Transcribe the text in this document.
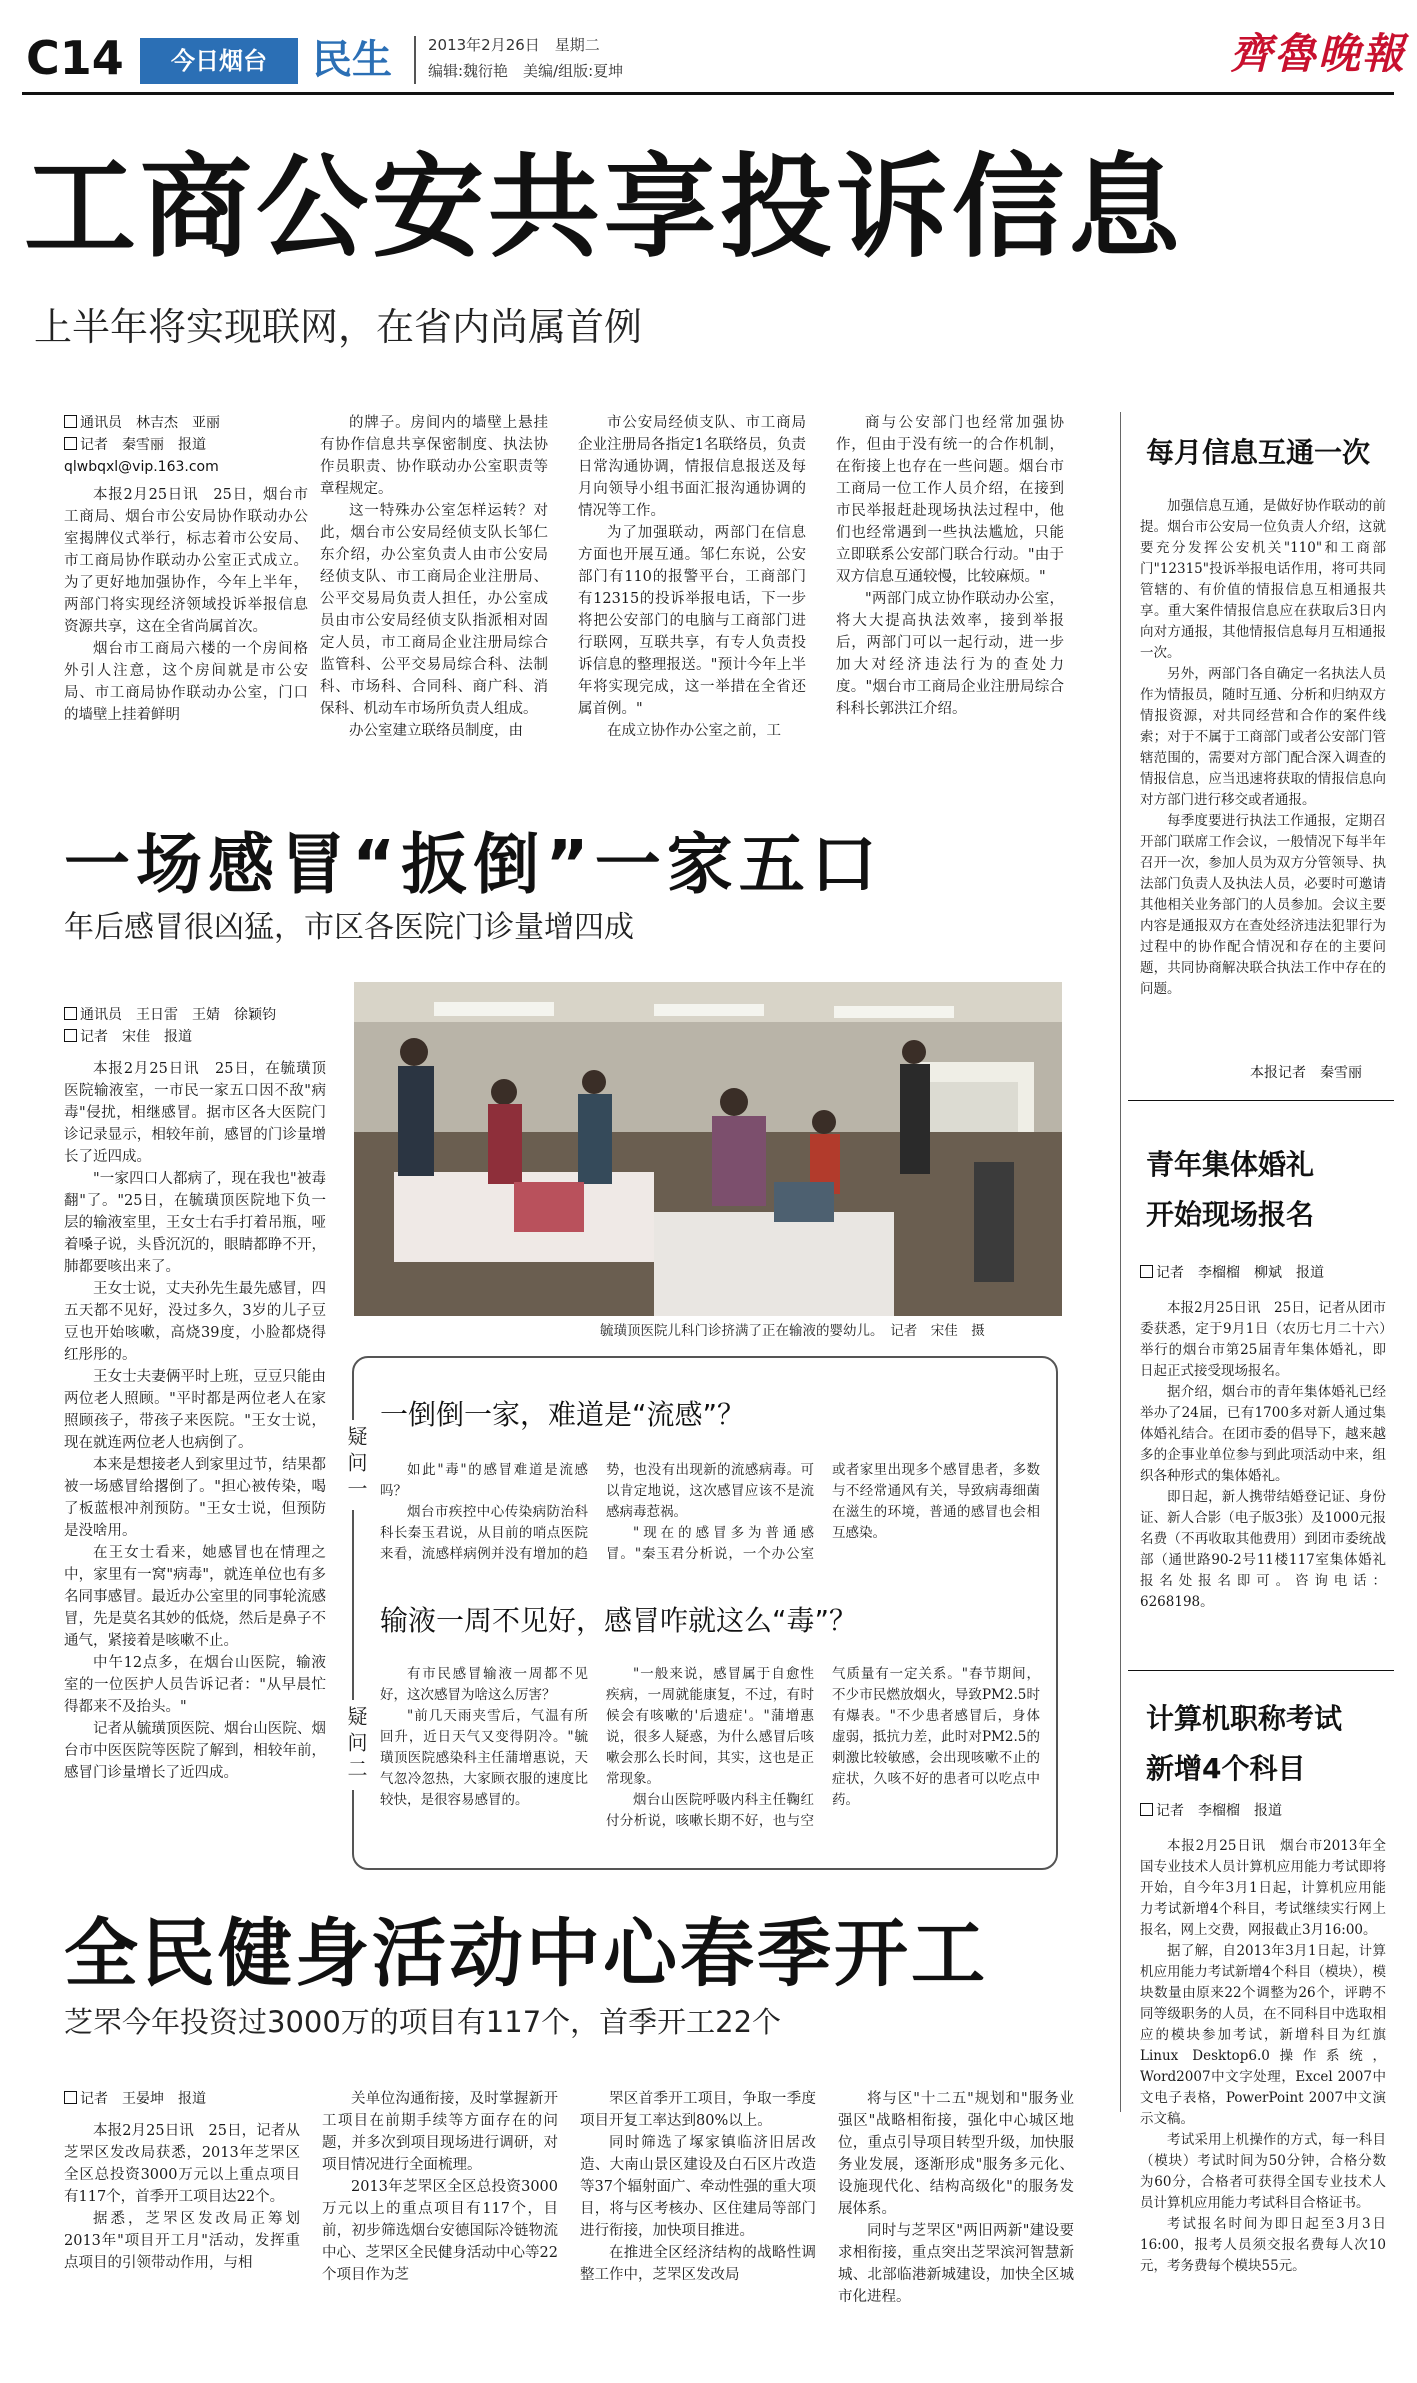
C14	今日烟台	民生 2013年2月26日　星期二
编辑:魏衍艳　美编/组版:夏坤	齊魯晚報
工商公安共享投诉信息
上半年将实现联网，在省内尚属首例
通讯员　林吉杰　亚丽
记者　秦雪丽　报道
qlwbqxl@vip.163.com

本报2月25日讯　25日，烟台市工商局、烟台市公安局协作联动办公室揭牌仪式举行，标志着市公安局、市工商局协作联动办公室正式成立。为了更好地加强协作，今年上半年，两部门将实现经济领域投诉举报信息资源共享，这在全省尚属首次。

烟台市工商局六楼的一个房间格外引人注意，这个房间就是市公安局、市工商局协作联动办公室，门口的墙壁上挂着鲜明

的牌子。房间内的墙壁上悬挂有协作信息共享保密制度、执法协作员职责、协作联动办公室职责等章程规定。

这一特殊办公室怎样运转？对此，烟台市公安局经侦支队长邹仁东介绍，办公室负责人由市公安局经侦支队、市工商局企业注册局、公平交易局负责人担任，办公室成员由市公安局经侦支队指派相对固定人员，市工商局企业注册局综合监管科、公平交易局综合科、法制科、市场科、合同科、商广科、消保科、机动车市场所负责人组成。

办公室建立联络员制度，由

市公安局经侦支队、市工商局企业注册局各指定1名联络员，负责日常沟通协调，情报信息报送及每月向领导小组书面汇报沟通协调的情况等工作。

为了加强联动，两部门在信息方面也开展互通。邹仁东说，公安部门有110的报警平台，工商部门有12315的投诉举报电话，下一步将把公安部门的电脑与工商部门进行联网，互联共享，有专人负责投诉信息的整理报送。"预计今年上半年将实现完成，这一举措在全省还属首例。"

在成立协作办公室之前，工

商与公安部门也经常加强协作，但由于没有统一的合作机制，在衔接上也存在一些问题。烟台市工商局一位工作人员介绍，在接到市民举报赶赴现场执法过程中，他们也经常遇到一些执法尴尬，只能立即联系公安部门联合行动。"由于双方信息互通较慢，比较麻烦。"

"两部门成立协作联动办公室，将大大提高执法效率，接到举报后，两部门可以一起行动，进一步加大对经济违法行为的查处力度。"烟台市工商局企业注册局综合科科长郭洪江介绍。

每月信息互通一次

加强信息互通，是做好协作联动的前提。烟台市公安局一位负责人介绍，这就要充分发挥公安机关"110"和工商部门"12315"投诉举报电话作用，将可共同管辖的、有价值的情报信息互相通报共享。重大案件情报信息应在获取后3日内向对方通报，其他情报信息每月互相通报一次。

另外，两部门各自确定一名执法人员作为情报员，随时互通、分析和归纳双方情报资源，对共同经营和合作的案件线索；对于不属于工商部门或者公安部门管辖范围的，需要对方部门配合深入调查的情报信息，应当迅速将获取的情报信息向对方部门进行移交或者通报。

每季度要进行执法工作通报，定期召开部门联席工作会议，一般情况下每半年召开一次，参加人员为双方分管领导、执法部门负责人及执法人员，必要时可邀请其他相关业务部门的人员参加。会议主要内容是通报双方在查处经济违法犯罪行为过程中的协作配合情况和存在的主要问题，共同协商解决联合执法工作中存在的问题。

本报记者　秦雪丽
一场感冒“扳倒”一家五口
年后感冒很凶猛，市区各医院门诊量增四成
通讯员　王日雷　王婧　徐颖钧
记者　宋佳　报道

本报2月25日讯　25日，在毓璜顶医院输液室，一市民一家五口因不敌"病毒"侵扰，相继感冒。据市区各大医院门诊记录显示，相较年前，感冒的门诊量增长了近四成。

"一家四口人都病了，现在我也"被毒翻"了。"25日，在毓璜顶医院地下负一层的输液室里，王女士右手打着吊瓶，哑着嗓子说，头昏沉沉的，眼睛都睁不开，肺都要咳出来了。

王女士说，丈夫孙先生最先感冒，四五天都不见好，没过多久，3岁的儿子豆豆也开始咳嗽，高烧39度，小脸都烧得红彤彤的。

王女士夫妻俩平时上班，豆豆只能由两位老人照顾。"平时都是两位老人在家照顾孩子，带孩子来医院。"王女士说，现在就连两位老人也病倒了。

本来是想接老人到家里过节，结果都被一场感冒给撂倒了。"担心被传染，喝了板蓝根冲剂预防。"王女士说，但预防是没啥用。

在王女士看来，她感冒也在情理之中，家里有一窝"病毒"，就连单位也有多名同事感冒。最近办公室里的同事轮流感冒，先是莫名其妙的低烧，然后是鼻子不通气，紧接着是咳嗽不止。

中午12点多，在烟台山医院，输液室的一位医护人员告诉记者："从早晨忙得都来不及抬头。"

记者从毓璜顶医院、烟台山医院、烟台市中医医院等医院了解到，相较年前，感冒门诊量增长了近四成。

毓璜顶医院儿科门诊挤满了正在输液的婴幼儿。　记者　宋佳　摄
疑问一
一倒倒一家，难道是“流感”？

如此"毒"的感冒难道是流感吗？

烟台市疾控中心传染病防治科科长秦玉君说，从目前的哨点医院来看，流感样病例并没有增加的趋势，也没有出现新的流感病毒。可以肯定地说，这次感冒应该不是流感病毒惹祸。

"现在的感冒多为普通感冒。"秦玉君分析说，一个办公室或者家里出现多个感冒患者，多数与不经常通风有关，导致病毒细菌在滋生的环境，普通的感冒也会相互感染。

输液一周不见好，感冒咋就这么“毒”？
疑问二

有市民感冒输液一周都不见好，这次感冒为啥这么厉害？

"前几天雨夹雪后，气温有所回升，近日天气又变得阴冷。"毓璜顶医院感染科主任蒲增惠说，天气忽冷忽热，大家顾衣服的速度比较快，是很容易感冒的。

"一般来说，感冒属于自愈性疾病，一周就能康复，不过，有时候会有咳嗽的'后遗症'。"蒲增惠说，很多人疑惑，为什么感冒后咳嗽会那么长时间，其实，这也是正常现象。

烟台山医院呼吸内科主任鞠红付分析说，咳嗽长期不好，也与空气质量有一定关系。"春节期间，不少市民燃放烟火，导致PM2.5时有爆表。"不少患者感冒后，身体虚弱，抵抗力差，此时对PM2.5的刺激比较敏感，会出现咳嗽不止的症状，久咳不好的患者可以吃点中药。

青年集体婚礼
开始现场报名
记者　李榴榴　柳斌　报道

本报2月25日讯　25日，记者从团市委获悉，定于9月1日（农历七月二十六）举行的烟台市第25届青年集体婚礼，即日起正式接受现场报名。

据介绍，烟台市的青年集体婚礼已经举办了24届，已有1700多对新人通过集体婚礼结合。在团市委的倡导下，越来越多的企事业单位参与到此项活动中来，组织各种形式的集体婚礼。

即日起，新人携带结婚登记证、身份证、新人合影（电子版3张）及1000元报名费（不再收取其他费用）到团市委统战部（通世路90-2号11楼117室集体婚礼报名处报名即可。咨询电话：6268198。

计算机职称考试
新增4个科目
记者　李榴榴　报道

本报2月25日讯　烟台市2013年全国专业技术人员计算机应用能力考试即将开始，自今年3月1日起，计算机应用能力考试新增4个科目，考试继续实行网上报名，网上交费，网报截止3月16:00。

据了解，自2013年3月1日起，计算机应用能力考试新增4个科目（模块），模块数量由原来22个调整为26个，评聘不同等级职务的人员，在不同科目中选取相应的模块参加考试，新增科目为红旗Linux Desktop6.0操作系统，Word2007中文字处理，Excel 2007中文电子表格，PowerPoint 2007中文演示文稿。

考试采用上机操作的方式，每一科目（模块）考试时间为50分钟，合格分数为60分，合格者可获得全国专业技术人员计算机应用能力考试科目合格证书。

考试报名时间为即日起至3月3日16:00，报考人员须交报名费每人次10元，考务费每个模块55元。

全民健身活动中心春季开工
芝罘今年投资过3000万的项目有117个，首季开工22个
记者　王晏坤　报道

本报2月25日讯　25日，记者从芝罘区发改局获悉，2013年芝罘区全区总投资3000万元以上重点项目有117个，首季开工项目达22个。

据悉，芝罘区发改局正筹划2013年"项目开工月"活动，发挥重点项目的引领带动作用，与相

关单位沟通衔接，及时掌握新开工项目在前期手续等方面存在的问题，并多次到项目现场进行调研，对项目情况进行全面梳理。

2013年芝罘区全区总投资3000万元以上的重点项目有117个，目前，初步筛选烟台安德国际冷链物流中心、芝罘区全民健身活动中心等22个项目作为芝

罘区首季开工项目，争取一季度项目开复工率达到80%以上。

同时筛选了塚家镇临济旧居改造、大南山景区建设及白石区片改造等37个辐射面广、牵动性强的重大项目，将与区考核办、区住建局等部门进行衔接，加快项目推进。

在推进全区经济结构的战略性调整工作中，芝罘区发改局

将与区"十二五"规划和"服务业强区"战略相衔接，强化中心城区地位，重点引导项目转型升级，加快服务业发展，逐渐形成"服务多元化、设施现代化、结构高级化"的服务发展体系。

同时与芝罘区"两旧两新"建设要求相衔接，重点突出芝罘滨河智慧新城、北部临港新城建设，加快全区城市化进程。
